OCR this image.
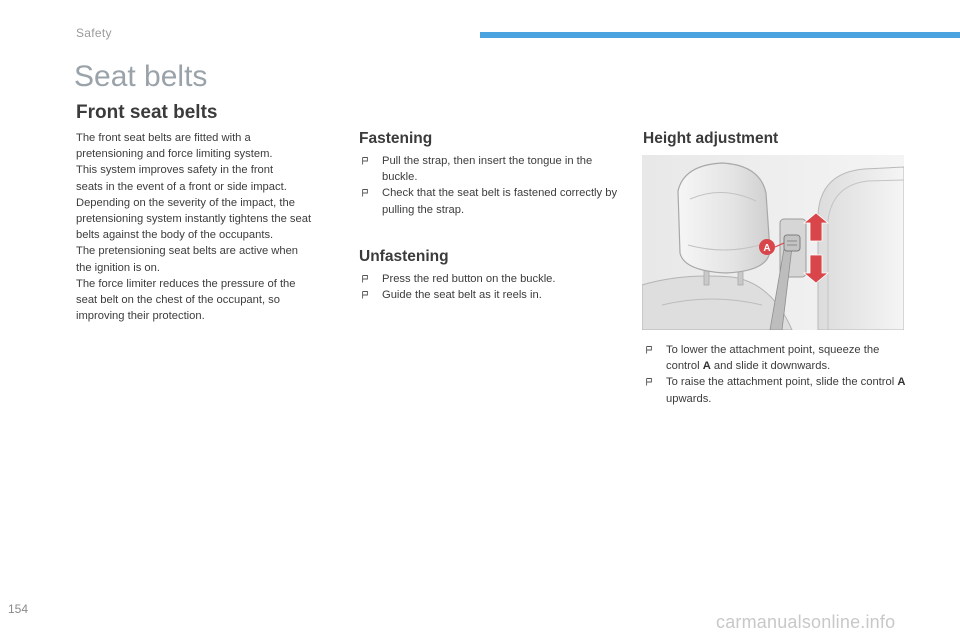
Safety
Seat belts
Front seat belts

The front seat belts are fitted with a

pretensioning and force limiting system.

This system improves safety in the front

seats in the event of a front or side impact.

Depending on the severity of the impact, the

pretensioning system instantly tightens the seat

belts against the body of the occupants.

The pretensioning seat belts are active when

the ignition is on.

The force limiter reduces the pressure of the

seat belt on the chest of the occupant, so

improving their protection.

Fastening
Pull the strap, then insert the tongue in the buckle.
Check that the seat belt is fastened correctly by pulling the strap.
Unfastening
Press the red button on the buckle.
Guide the seat belt as it reels in.
Height adjustment
A
To lower the attachment point, squeeze the control A and slide it downwards.
To raise the attachment point, slide the control A upwards.
154
carmanualsonline.info
